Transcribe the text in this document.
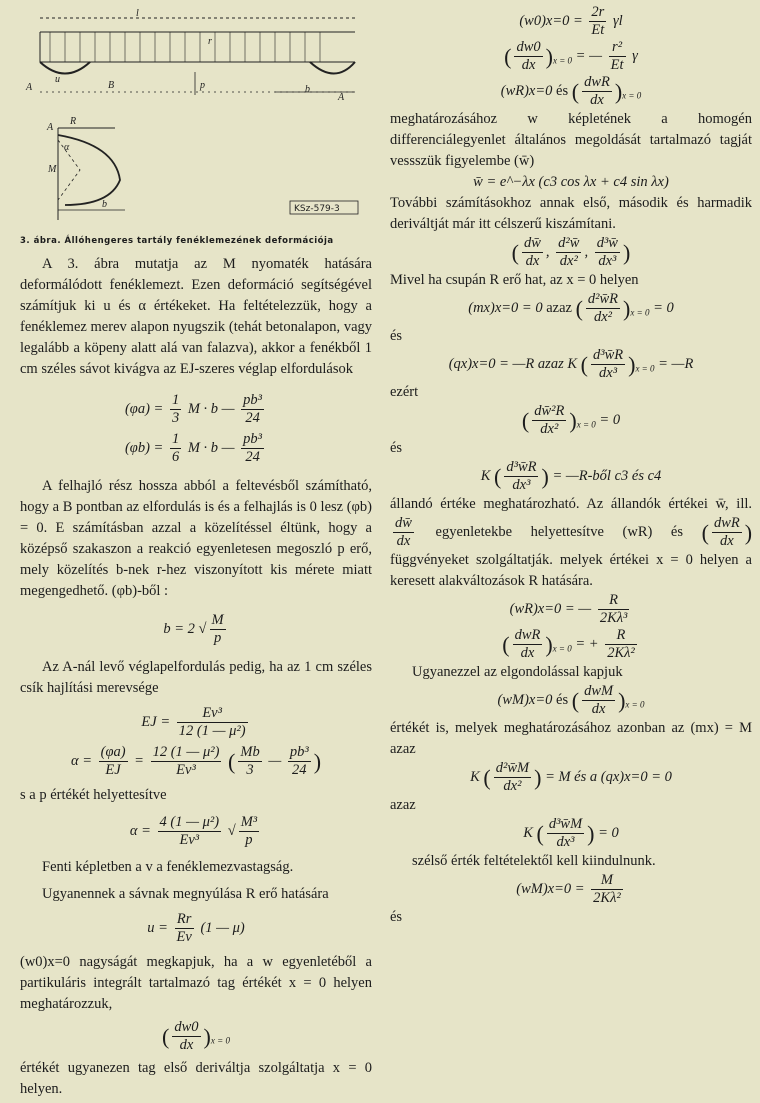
A	B
A
l
r
u
p	b
A
R
M
b
α
KSz-579-3
3. ábra. Állóhengeres tartály fenéklemezének deformációja

A 3. ábra mutatja az M nyomaték hatására deformálódott fenéklemezt. Ezen deformáció segítségével számítjuk ki u és α értékeket. Ha feltételezzük, hogy a fenéklemez merev alapon nyugszik (tehát betonalapon, vagy legalább a köpeny alatt alá van falazva), akkor a fenékből 1 cm széles sávot kivágva az EJ-szeres véglap elfordulások

$(\varphi a) = \frac{1}{3}$ M · b — $\frac{\text{pb³}}{24}$

$(\varphi b) = \frac{1}{6}$ M · b — $\frac{\text{pb³}}{24}$

A felhajló rész hossza abból a feltevésből számítható, hogy a B pontban az elfordulás is és a felhajlás is 0 lesz (φb) = 0. E számításban azzal a közelítéssel éltünk, hogy a középső szakaszon a reakció egyenletesen megoszló p erő, mely közelítés b-nek r-hez viszonyított kis mérete miatt megengedhető. (φb)-ből :

b = 2 √ $\frac{M}{p}$

Az A-nál levő véglapelfordulás pedig, ha az 1 cm széles csík hajlítási merevsége

EJ = $\frac{\text{Ev³}}{\text{12 (1 — μ²)}}$

$\alpha = \frac{(\varphi a)}{EJ} = \frac{\text{12 (1 — μ²)}}{\text{Ev³}}$ ( $\frac{Mb}{3}$ — $\frac{\text{pb³}}{24}$ )

s a p értékét helyettesítve

$\alpha = \frac{\text{4 (1 — μ²)}}{\text{Ev³}}$ √ $\frac{\text{M³}}{p}$

Fenti képletben a v a fenéklemezvastagság.

Ugyanennek a sávnak megnyúlása R erő hatására

$u = \frac{Rr}{Ev} (1$ — μ)

(w0)x=0 nagyságát megkapjuk, ha a w egyenletéből a partikuláris integrált tartalmazó tag értékét x = 0 helyen meghatározzuk,

( $\frac{dw0}{dx} )_{x = 0}$

értékét ugyanezen tag első deriváltja szolgáltatja x = 0 helyen.

$(w0)x=0 = \frac{2r}{Et}$ γl

( $\frac{dw0}{dx} )_{x = 0}$ = — $\frac{\text{r²}}{Et}$ γ

(wR)x=0 és ( $\frac{\text{dwR}}{dx} )_{x = 0}$

meghatározásához w képletének a homogén differenciálegyenlet általános megoldását tartalmazó tagját vessszük figyelembe (w̄)

w̄ = e^−λx (c3 cos λx + c4 sin λx)

További számításokhoz annak első, második és harmadik deriváltját már itt célszerű kiszámítani.

( $\frac{dw̄}{dx}$ , $\frac{\text{d²w̄}}{\text{dx²}}$ , $\frac{\text{d³w̄}}{\text{dx³}}$ )

Mivel ha csupán R erő hat, az x = 0 helyen

(mx)x=0 = 0 azaz ( $\frac{\text{d²w̄R}}{\text{dx²}} )_{x = 0} = 0$

és

(qx)x=0 = —R azaz K ( $\frac{\text{d³w̄R}}{\text{dx³}} )_{x = 0}$ = —R

ezért

( $\frac{\text{dw̄²R}}{\text{dx²}} )_{x = 0} = 0$

és

K ( $\frac{\text{d³w̄R}}{\text{dx³}}$ ) = —R-ből c3 és c4

állandó értéke meghatározható. Az állandók értékei w̄, ill.
$\frac{dw̄}{dx}$ egyenletekbe helyettesítve (wR) és ( $\frac{\text{dwR}}{dx}$ ) függvényeket szolgáltatják. melyek értékei x = 0 helyen a keresett alakváltozások R hatására.

(wR)x=0 = — $\frac{R}{\text{2Kλ³}}$

( $\frac{\text{dwR}}{dx} )_{x = 0}$ = + $\frac{R}{\text{2Kλ²}}$

Ugyanezzel az elgondolással kapjuk

(wM)x=0 és ( $\frac{\text{dwM}}{dx} )_{x = 0}$

értékét is, melyek meghatározásához azonban az (mx) = M azaz

K ( $\frac{\text{d²w̄M}}{\text{dx²}}$ ) = M és a (qx)x=0 = 0

azaz

K ( $\frac{\text{d³w̄M}}{\text{dx³}}$ ) = 0

szélső érték feltételektől kell kiindulnunk.

$(wM)x=0 = \frac{M}{\text{2Kλ²}}$

és
